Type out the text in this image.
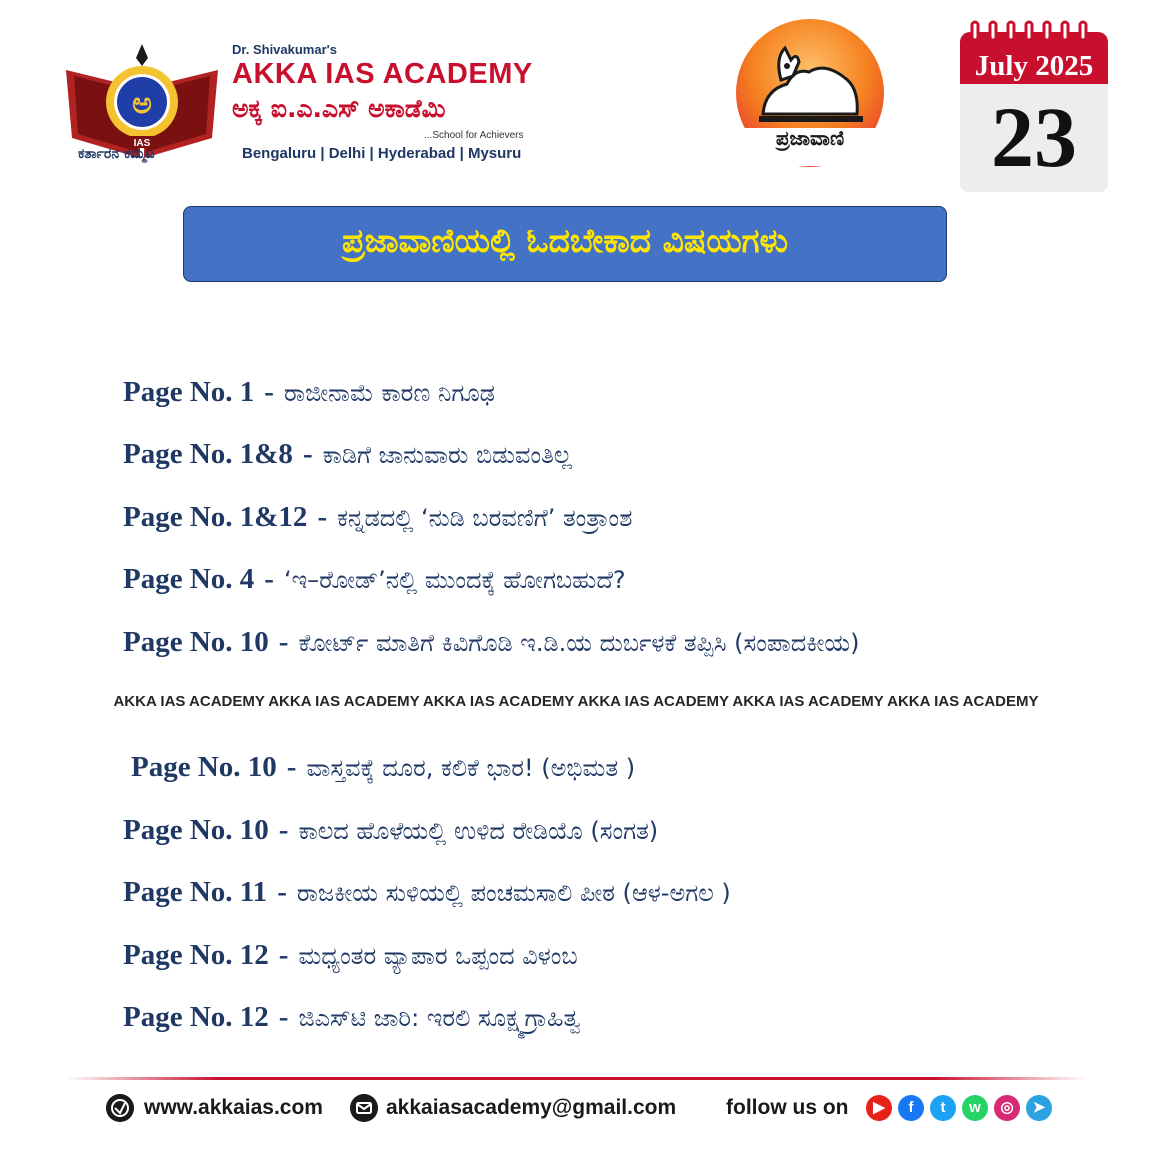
ಅ
IAS
ಕರ್ತಾರನ ಕಮ್ಮಟ
Dr. Shivakumar's
AKKA IAS ACADEMY
ಅಕ್ಕ ಐ.ಎ.ಎಸ್ ಅಕಾಡೆಮಿ
...School for Achievers
Bengaluru | Delhi | Hyderabad | Mysuru
ಪ್ರಜಾವಾಣಿ
July 2025
23
ಪ್ರಜಾವಾಣಿಯಲ್ಲಿ ಓದಬೇಕಾದ ವಿಷಯಗಳು
Page No. 1 - ರಾಜೀನಾಮೆ ಕಾರಣ ನಿಗೂಢ
Page No. 1&8 - ಕಾಡಿಗೆ ಜಾನುವಾರು ಬಿಡುವಂತಿಲ್ಲ
Page No. 1&12 - ಕನ್ನಡದಲ್ಲಿ ‘ನುಡಿ ಬರವಣಿಗೆ’ ತಂತ್ರಾಂಶ
Page No. 4 - ‘ಇ–ರೋಡ್’ನಲ್ಲಿ ಮುಂದಕ್ಕೆ ಹೋಗಬಹುದೆ?
Page No. 10 - ಕೋರ್ಟ್ ಮಾತಿಗೆ ಕಿವಿಗೊಡಿ ಇ.ಡಿ.ಯ ದುರ್ಬಳಕೆ ತಪ್ಪಿಸಿ (ಸಂಪಾದಕೀಯ)
AKKA IAS ACADEMY AKKA IAS ACADEMY AKKA IAS ACADEMY AKKA IAS ACADEMY AKKA IAS ACADEMY AKKA IAS ACADEMY
Page No. 10 - ವಾಸ್ತವಕ್ಕೆ ದೂರ, ಕಲಿಕೆ ಭಾರ! (ಅಭಿಮತ )
Page No. 10 - ಕಾಲದ ಹೊಳೆಯಲ್ಲಿ ಉಳಿದ ರೇಡಿಯೊ (ಸಂಗತ)
Page No. 11 - ರಾಜಕೀಯ ಸುಳಿಯಲ್ಲಿ ಪಂಚಮಸಾಲಿ ಪೀಠ (ಆಳ-ಅಗಲ )
Page No. 12 - ಮಧ್ಯಂತರ ವ್ಯಾಪಾರ ಒಪ್ಪಂದ ವಿಳಂಬ
Page No. 12 - ಜಿಎಸ್‌ಟಿ ಜಾರಿ: ಇರಲಿ ಸೂಕ್ಷ್ಮಗ್ರಾಹಿತ್ವ
www.akkaias.com	akkaiasacademy@gmail.com follow us on	▶	f	t	w	◎	➤
